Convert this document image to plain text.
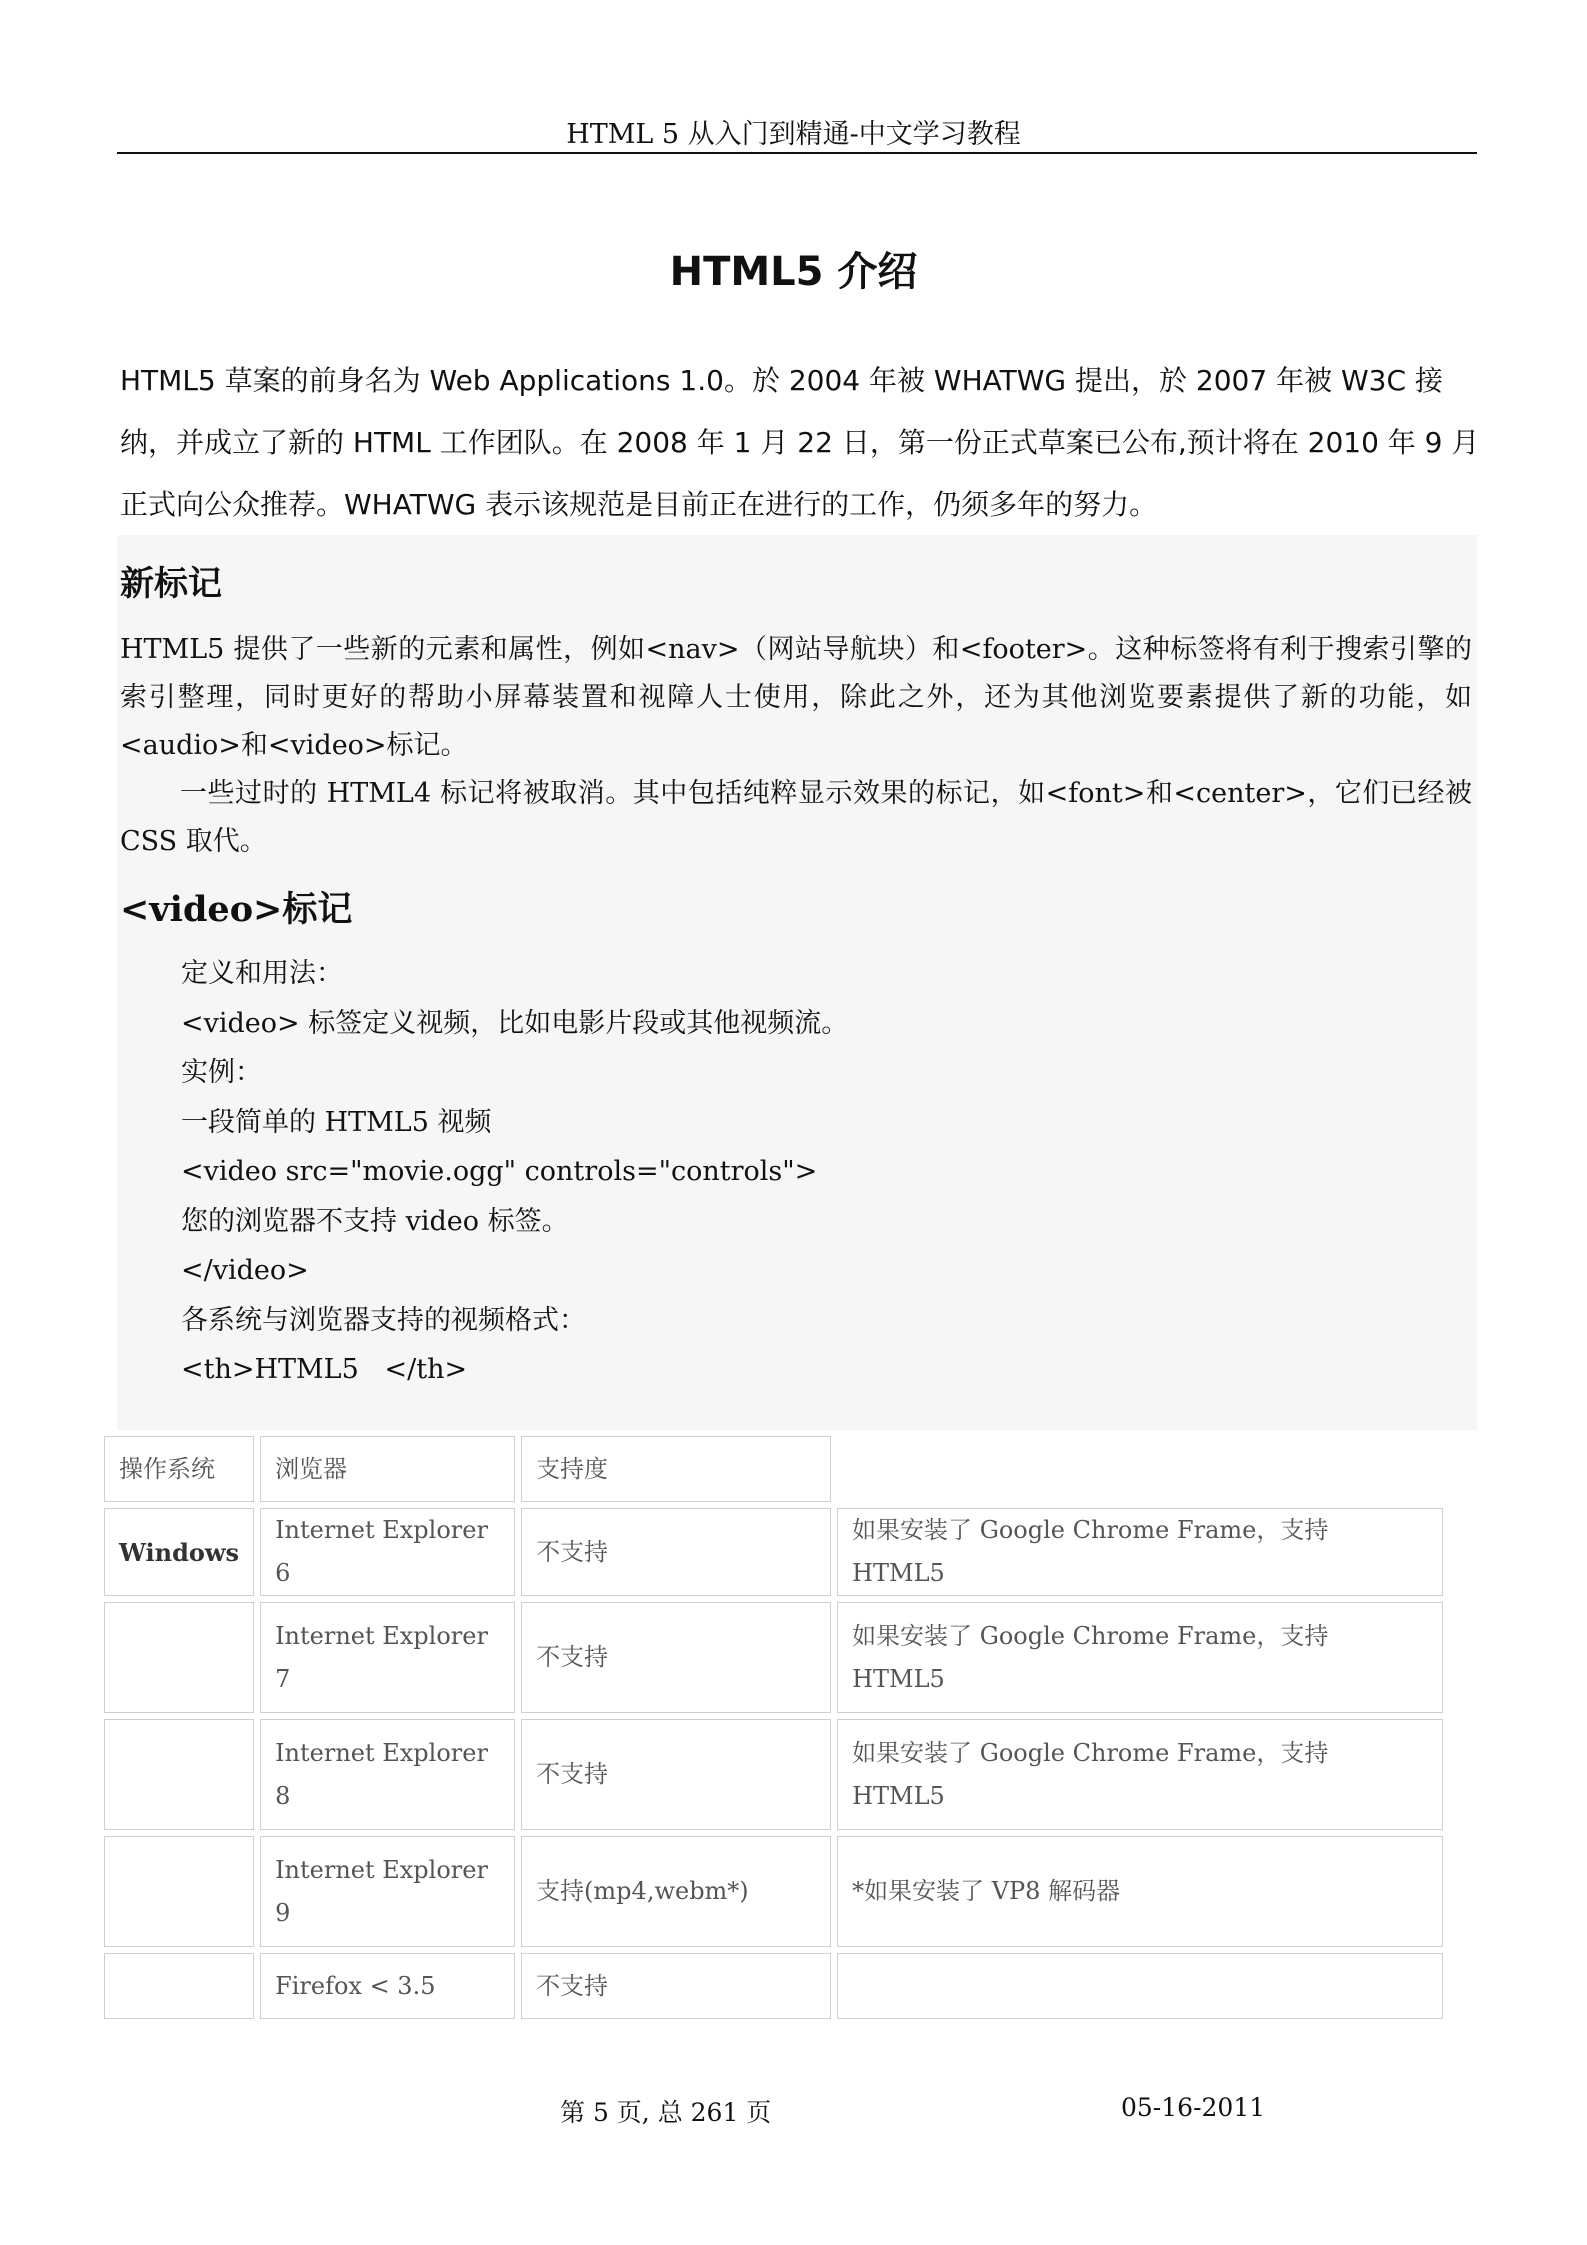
HTML 5 从入门到精通-中文学习教程
HTML5 介绍

HTML5 草案的前身名为 Web Applications 1.0。於 2004 年被 WHATWG 提出，於 2007 年被 W3C 接纳，并成立了新的 HTML 工作团队。在 2008 年 1 月 22 日，第一份正式草案已公布,预计将在 2010 年 9 月正式向公众推荐。WHATWG 表示该规范是目前正在进行的工作，仍须多年的努力。

新标记

HTML5 提供了一些新的元素和属性，例如<nav>（网站导航块）和<footer>。这种标签将有利于搜索引擎的索引整理，同时更好的帮助小屏幕装置和视障人士使用，除此之外，还为其他浏览要素提供了新的功能，如<audio>和<video>标记。

一些过时的 HTML4 标记将被取消。其中包括纯粹显示效果的标记，如<font>和<center>，它们已经被 CSS 取代。

<video>标记
定义和用法：
<video> 标签定义视频，比如电影片段或其他视频流。
实例：
一段简单的 HTML5 视频
<video src="movie.ogg" controls="controls">
您的浏览器不支持 video 标签。
</video>
各系统与浏览器支持的视频格式：
<th>HTML5   </th>
操作系统	浏览器	支持度	
Windows	Internet Explorer 6	不支持	如果安装了 Google Chrome Frame，支持 HTML5
	Internet Explorer 7	不支持	如果安装了 Google Chrome Frame，支持 HTML5
	Internet Explorer 8	不支持	如果安装了 Google Chrome Frame，支持 HTML5
	Internet Explorer 9	支持(mp4,webm*)	*如果安装了 VP8 解码器
	Firefox < 3.5	不支持	
第 5 页, 总 261 页	05-16-2011
